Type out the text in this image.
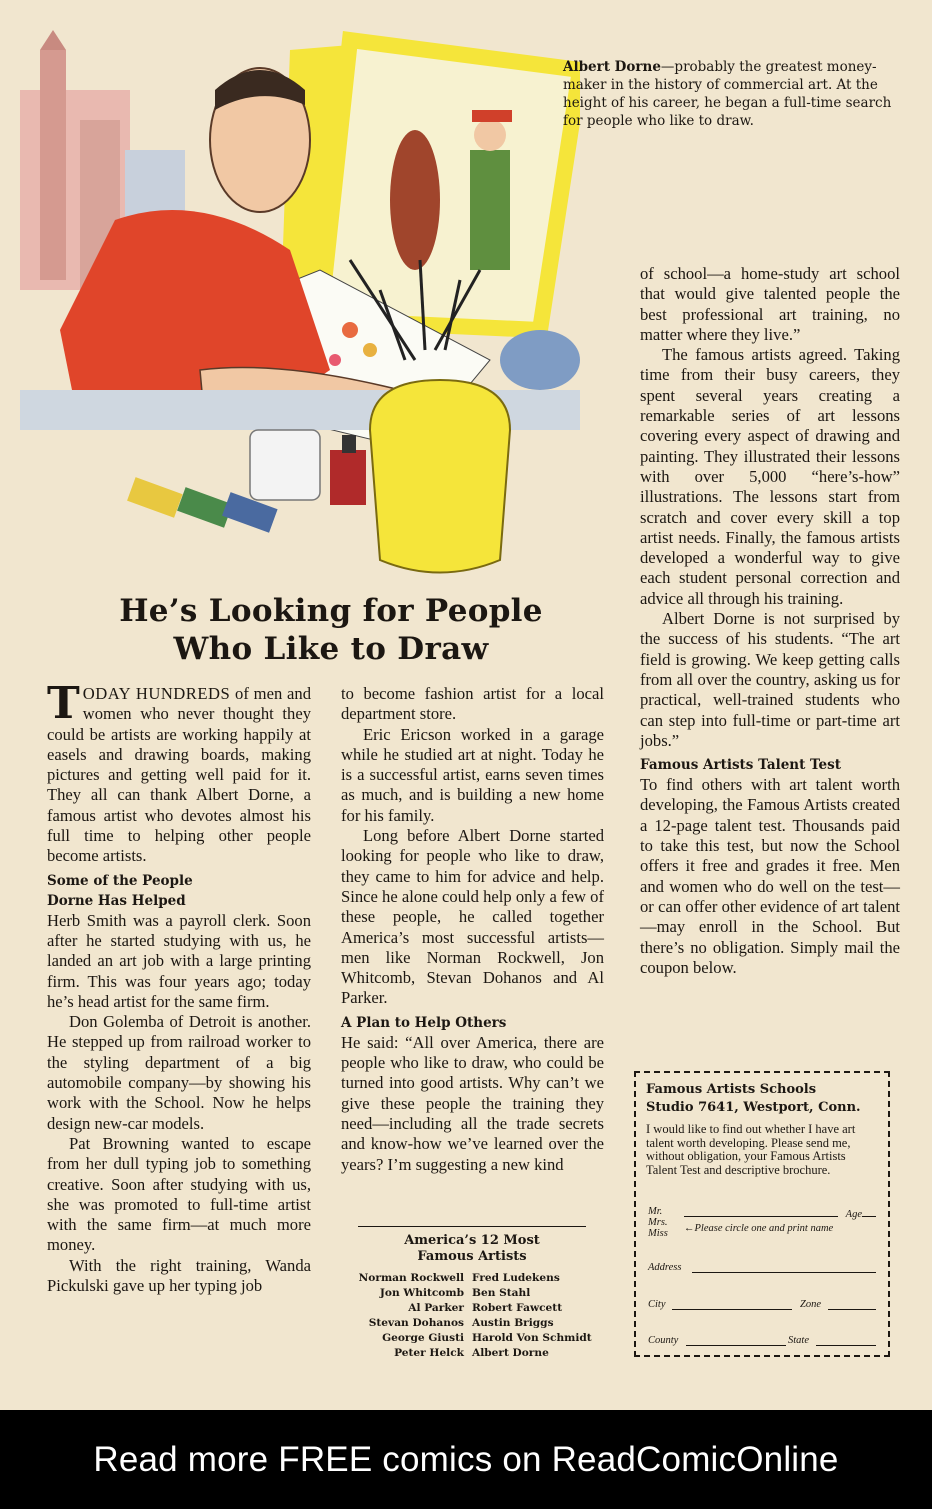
Albert Dorne—probably the greatest money-maker in the history of commercial art. At the height of his career, he began a full-time search for people who like to draw.
He’s Looking for People
Who Like to Draw

TODAY HUNDREDS of men and women who never thought they could be artists are working happily at easels and drawing boards, making pictures and getting well paid for it. They all can thank Albert Dorne, a famous artist who devotes almost his full time to helping other people become artists.

Some of the People
Dorne Has Helped

Herb Smith was a payroll clerk. Soon after he started studying with us, he landed an art job with a large printing firm. This was four years ago; today he’s head artist for the same firm.

Don Golemba of Detroit is another. He stepped up from railroad worker to the styling department of a big automobile company—by showing his work with the School. Now he helps design new-car models.

Pat Browning wanted to escape from her dull typing job to something creative. Soon after studying with us, she was promoted to full-time artist with the same firm—at much more money.

With the right training, Wanda Pickulski gave up her typing job

to become fashion artist for a local department store.

Eric Ericson worked in a garage while he studied art at night. Today he is a successful artist, earns seven times as much, and is building a new home for his family.

Long before Albert Dorne started looking for people who like to draw, they came to him for advice and help. Since he alone could help only a few of these people, he called together America’s most successful artists—men like Norman Rockwell, Jon Whitcomb, Stevan Dohanos and Al Parker.

A Plan to Help Others

He said: “All over America, there are people who like to draw, who could be turned into good artists. Why can’t we give these people the training they need—including all the trade secrets and know-how we’ve learned over the years? I’m suggesting a new kind

America’s 12 Most
Famous Artists
Norman Rockwell	Fred Ludekens
Jon Whitcomb	Ben Stahl
Al Parker	Robert Fawcett
Stevan Dohanos	Austin Briggs
George Giusti	Harold Von Schmidt
Peter Helck	Albert Dorne

of school—a home-study art school that would give talented people the best professional art training, no matter where they live.”

The famous artists agreed. Taking time from their busy careers, they spent several years creating a remarkable series of art lessons covering every aspect of drawing and painting. They illustrated their lessons with over 5,000 “here’s-how” illustrations. The lessons start from scratch and cover every skill a top artist needs. Finally, the famous artists developed a wonderful way to give each student personal correction and advice all through his training.

Albert Dorne is not surprised by the success of his students. “The art field is growing. We keep getting calls from all over the country, asking us for practical, well-trained students who can step into full-time or part-time art jobs.”

Famous Artists Talent Test

To find others with art talent worth developing, the Famous Artists created a 12-page talent test. Thousands paid to take this test, but now the School offers it free and grades it free. Men and women who do well on the test—or can offer other evidence of art talent—may enroll in the School. But there’s no obligation. Simply mail the coupon below.

Famous Artists Schools
Studio 7641, Westport, Conn.
I would like to find out whether I have art talent worth developing. Please send me, without obligation, your Famous Artists Talent Test and descriptive brochure.
Mr.
Mrs.
Miss
Age
←Please circle one and print name
Address
City	Zone
County	State
Read more FREE comics on ReadComicOnline
